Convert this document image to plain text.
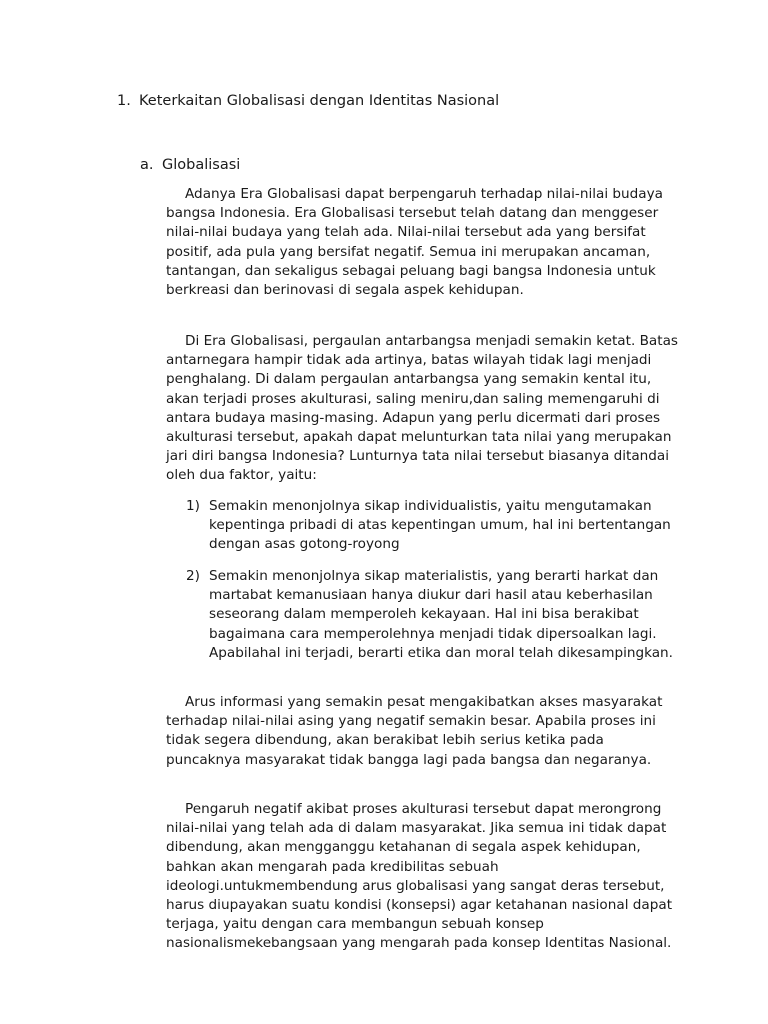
1. Keterkaitan Globalisasi dengan Identitas Nasional
a. Globalisasi

Adanya Era Globalisasi dapat berpengaruh terhadap nilai-nilai budaya bangsa Indonesia. Era Globalisasi tersebut telah datang dan menggeser nilai-nilai budaya yang telah ada. Nilai-nilai tersebut ada yang bersifat positif, ada pula yang bersifat negatif. Semua ini merupakan ancaman, tantangan, dan sekaligus sebagai peluang bagi bangsa Indonesia untuk berkreasi dan berinovasi di segala aspek kehidupan.

Di Era Globalisasi, pergaulan antarbangsa menjadi semakin ketat. Batas antarnegara hampir tidak ada artinya, batas wilayah tidak lagi menjadi penghalang. Di dalam pergaulan antarbangsa yang semakin kental itu, akan terjadi proses akulturasi, saling meniru,dan saling memengaruhi di antara budaya masing-masing. Adapun yang perlu dicermati dari proses akulturasi tersebut, apakah dapat melunturkan tata nilai yang merupakan jari diri bangsa Indonesia? Lunturnya tata nilai tersebut biasanya ditandai oleh dua faktor, yaitu:

1) Semakin menonjolnya sikap individualistis, yaitu mengutamakan kepentinga pribadi di atas kepentingan umum, hal ini bertentangan dengan asas gotong-royong
2) Semakin menonjolnya sikap materialistis, yang berarti harkat dan martabat kemanusiaan hanya diukur dari hasil atau keberhasilan seseorang dalam memperoleh kekayaan. Hal ini bisa berakibat bagaimana cara memperolehnya menjadi tidak dipersoalkan lagi. Apabilahal ini terjadi, berarti etika dan moral telah dikesampingkan.

Arus informasi yang semakin pesat mengakibatkan akses masyarakat terhadap nilai-nilai asing yang negatif semakin besar. Apabila proses ini tidak segera dibendung, akan berakibat lebih serius ketika pada puncaknya masyarakat tidak bangga lagi pada bangsa dan negaranya.

Pengaruh negatif akibat proses akulturasi tersebut dapat merongrong nilai-nilai yang telah ada di dalam masyarakat. Jika semua ini tidak dapat dibendung, akan mengganggu ketahanan di segala aspek kehidupan, bahkan akan mengarah pada kredibilitas sebuah ideologi.untukmembendung arus globalisasi yang sangat deras tersebut, harus diupayakan suatu kondisi (konsepsi) agar ketahanan nasional dapat terjaga, yaitu dengan cara membangun sebuah konsep nasionalismekebangsaan yang mengarah pada konsep Identitas Nasional.
